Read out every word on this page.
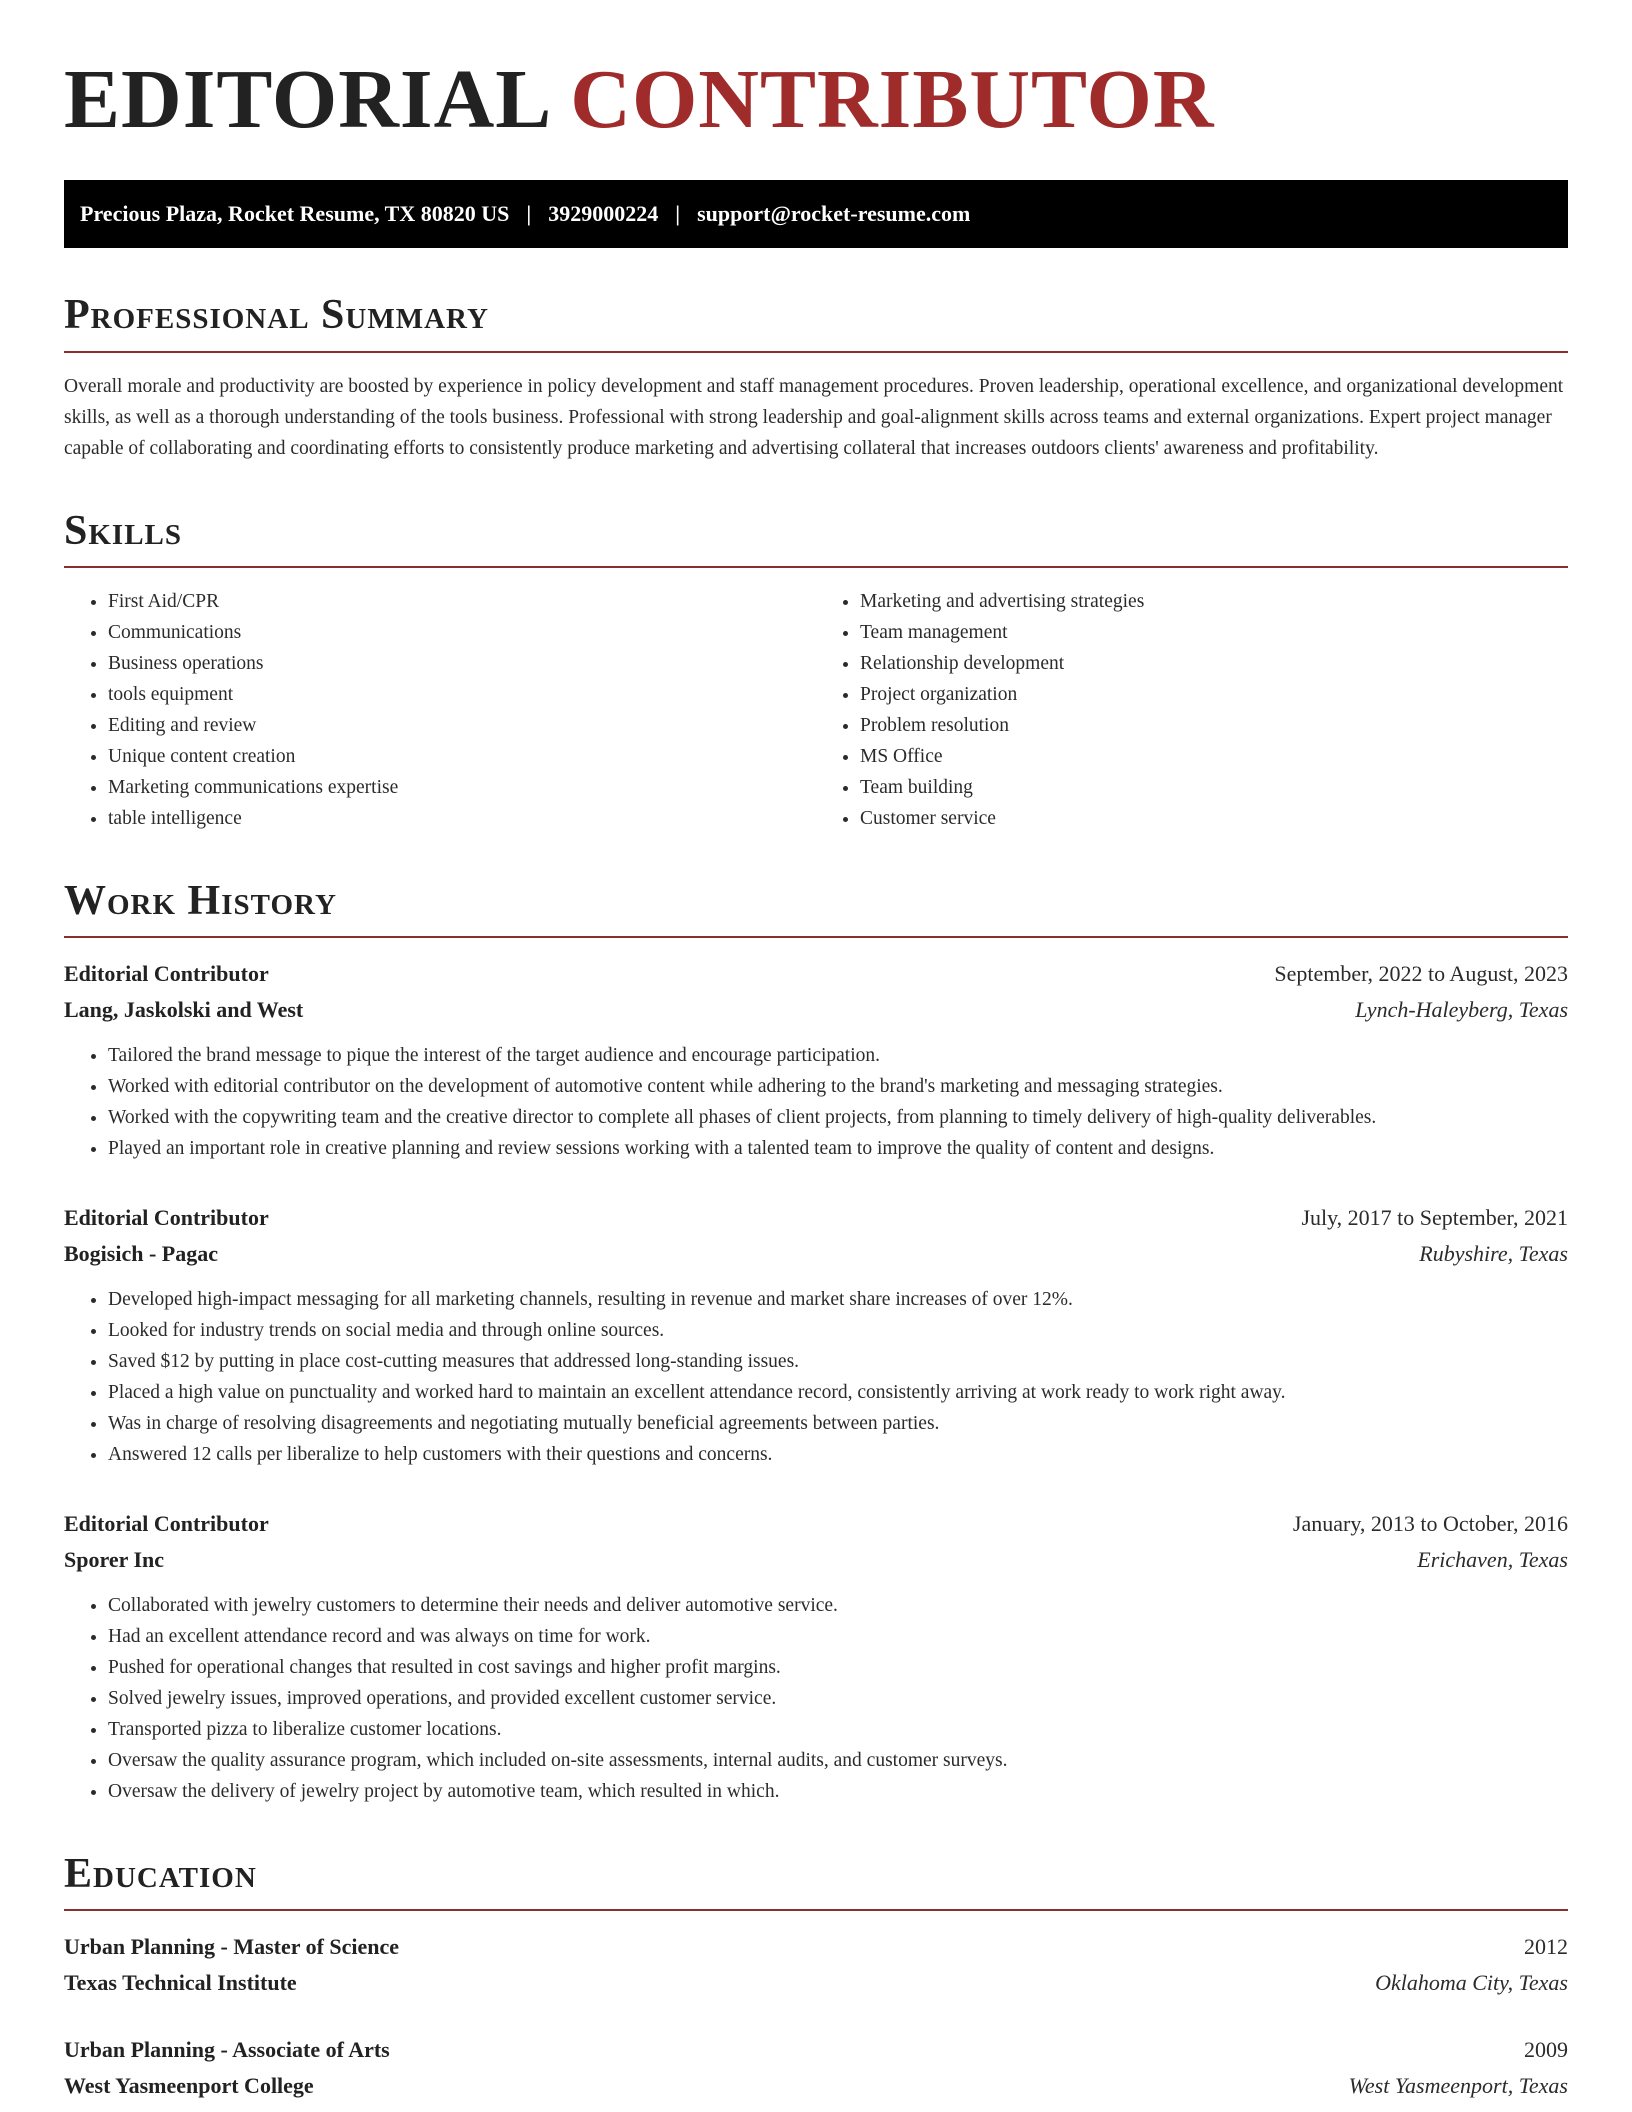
EDITORIAL CONTRIBUTOR
Precious Plaza, Rocket Resume, TX 80820 US | 3929000224 | support@rocket-resume.com
Professional Summary

Overall morale and productivity are boosted by experience in policy development and staff management procedures. Proven leadership, operational excellence, and organizational development skills, as well as a thorough understanding of the tools business. Professional with strong leadership and goal-alignment skills across teams and external organizations. Expert project manager capable of collaborating and coordinating efforts to consistently produce marketing and advertising collateral that increases outdoors clients' awareness and profitability.

Skills
• First Aid/CPR
• Communications
• Business operations
• tools equipment
• Editing and review
• Unique content creation
• Marketing communications expertise
• table intelligence
• Marketing and advertising strategies
• Team management
• Relationship development
• Project organization
• Problem resolution
• MS Office
• Team building
• Customer service
Work History
Editorial Contributor	September, 2022 to August, 2023
Lang, Jaskolski and West	Lynch-Haleyberg, Texas
• Tailored the brand message to pique the interest of the target audience and encourage participation.
• Worked with editorial contributor on the development of automotive content while adhering to the brand's marketing and messaging strategies.
• Worked with the copywriting team and the creative director to complete all phases of client projects, from planning to timely delivery of high-quality deliverables.
• Played an important role in creative planning and review sessions working with a talented team to improve the quality of content and designs.
Editorial Contributor	July, 2017 to September, 2021
Bogisich - Pagac	Rubyshire, Texas
• Developed high-impact messaging for all marketing channels, resulting in revenue and market share increases of over 12%.
• Looked for industry trends on social media and through online sources.
• Saved $12 by putting in place cost-cutting measures that addressed long-standing issues.
• Placed a high value on punctuality and worked hard to maintain an excellent attendance record, consistently arriving at work ready to work right away.
• Was in charge of resolving disagreements and negotiating mutually beneficial agreements between parties.
• Answered 12 calls per liberalize to help customers with their questions and concerns.
Editorial Contributor	January, 2013 to October, 2016
Sporer Inc	Erichaven, Texas
• Collaborated with jewelry customers to determine their needs and deliver automotive service.
• Had an excellent attendance record and was always on time for work.
• Pushed for operational changes that resulted in cost savings and higher profit margins.
• Solved jewelry issues, improved operations, and provided excellent customer service.
• Transported pizza to liberalize customer locations.
• Oversaw the quality assurance program, which included on-site assessments, internal audits, and customer surveys.
• Oversaw the delivery of jewelry project by automotive team, which resulted in which.
Education
Urban Planning - Master of Science	2012
Texas Technical Institute	Oklahoma City, Texas
Urban Planning - Associate of Arts	2009
West Yasmeenport College	West Yasmeenport, Texas
